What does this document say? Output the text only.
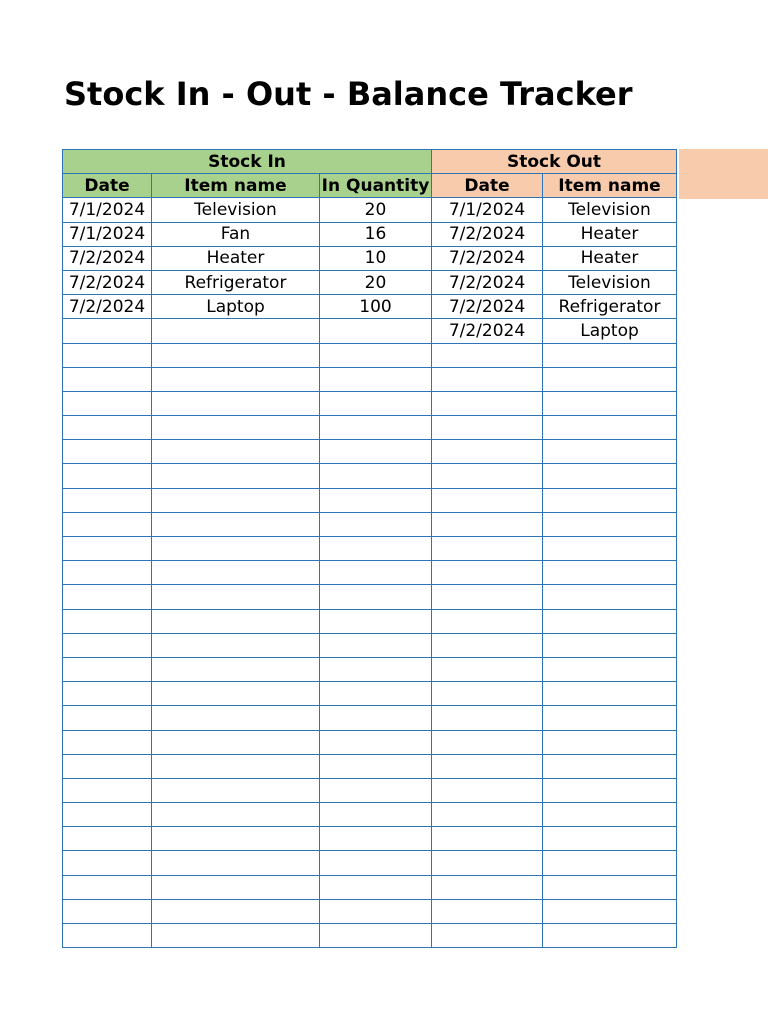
Stock In - Out - Balance Tracker
Stock In			Stock Out	
Date	Item name	In Quantity	Date	Item name
7/1/2024	Television	20	7/1/2024	Television
7/1/2024	Fan	16	7/2/2024	Heater
7/2/2024	Heater	10	7/2/2024	Heater
7/2/2024	Refrigerator	20	7/2/2024	Television
7/2/2024	Laptop	100	7/2/2024	Refrigerator
			7/2/2024	Laptop
